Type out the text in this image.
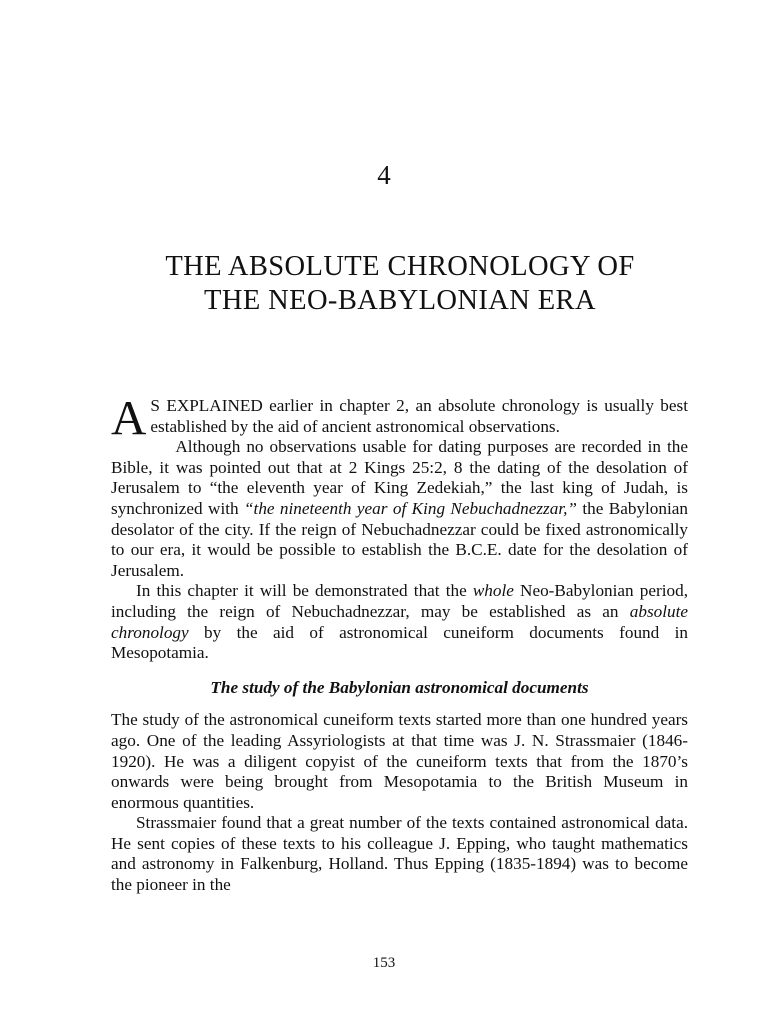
4
THE ABSOLUTE CHRONOLOGY OF
THE NEO-BABYLONIAN ERA

A S EXPLAINED earlier in chapter 2, an absolute chronology is usually best established by the aid of ancient astronomical observations.

Although no observations usable for dating purposes are recorded in the Bible, it was pointed out that at 2 Kings 25:2, 8 the dating of the desolation of Jerusalem to “the eleventh year of King Zedekiah,” the last king of Judah, is synchronized with “the nineteenth year of King Nebuchadnezzar,” the Babylonian desolator of the city. If the reign of Nebuchadnezzar could be fixed astronomically to our era, it would be possible to establish the B.C.E. date for the desolation of Jerusalem.

In this chapter it will be demonstrated that the whole Neo-Babylonian period, including the reign of Nebuchadnezzar, may be established as an absolute chronology by the aid of astronomical cuneiform documents found in Mesopotamia.

The study of the Babylonian astronomical documents

The study of the astronomical cuneiform texts started more than one hundred years ago. One of the leading Assyriologists at that time was J. N. Strassmaier (1846-1920). He was a diligent copyist of the cuneiform texts that from the 1870’s onwards were being brought from Mesopotamia to the British Museum in enormous quantities.

Strassmaier found that a great number of the texts contained astronomical data. He sent copies of these texts to his colleague J. Epping, who taught mathematics and astronomy in Falkenburg, Holland. Thus Epping (1835-1894) was to become the pioneer in the

153
